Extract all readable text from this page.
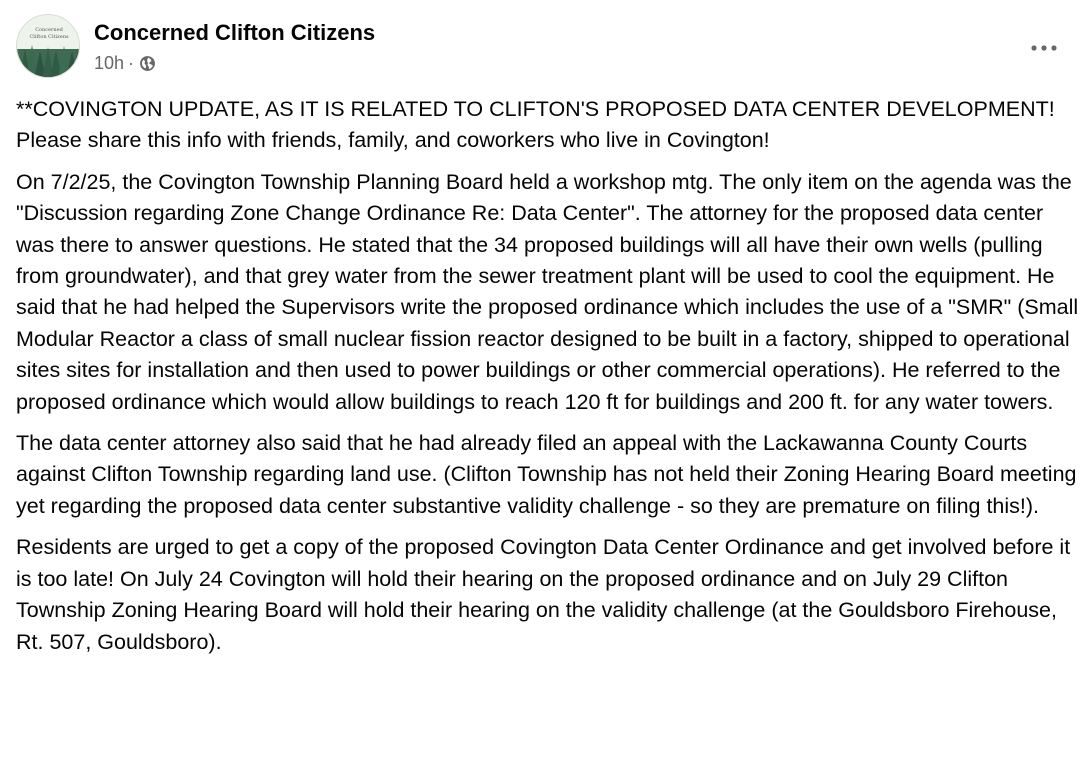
Concerned
Clifton Citizens Concerned Clifton Citizens
10h ·

**COVINGTON UPDATE, AS IT IS RELATED TO CLIFTON'S PROPOSED DATA CENTER DEVELOPMENT! Please share this info with friends, family, and coworkers who live in Covington!

On 7/2/25, the Covington Township Planning Board held a workshop mtg. The only item on the agenda was the "Discussion regarding Zone Change Ordinance Re: Data Center". The attorney for the proposed data center was there to answer questions. He stated that the 34 proposed buildings will all have their own wells (pulling from groundwater), and that grey water from the sewer treatment plant will be used to cool the equipment. He said that he had helped the Supervisors write the proposed ordinance which includes the use of a "SMR" (Small Modular Reactor a class of small nuclear fission reactor designed to be built in a factory, shipped to operational sites sites for installation and then used to power buildings or other commercial operations). He referred to the proposed ordinance which would allow buildings to reach 120 ft for buildings and 200 ft. for any water towers.

The data center attorney also said that he had already filed an appeal with the Lackawanna County Courts against Clifton Township regarding land use. (Clifton Township has not held their Zoning Hearing Board meeting yet regarding the proposed data center substantive validity challenge - so they are premature on filing this!).

Residents are urged to get a copy of the proposed Covington Data Center Ordinance and get involved before it is too late! On July 24 Covington will hold their hearing on the proposed ordinance and on July 29 Clifton Township Zoning Hearing Board will hold their hearing on the validity challenge (at the Gouldsboro Firehouse, Rt. 507, Gouldsboro).
